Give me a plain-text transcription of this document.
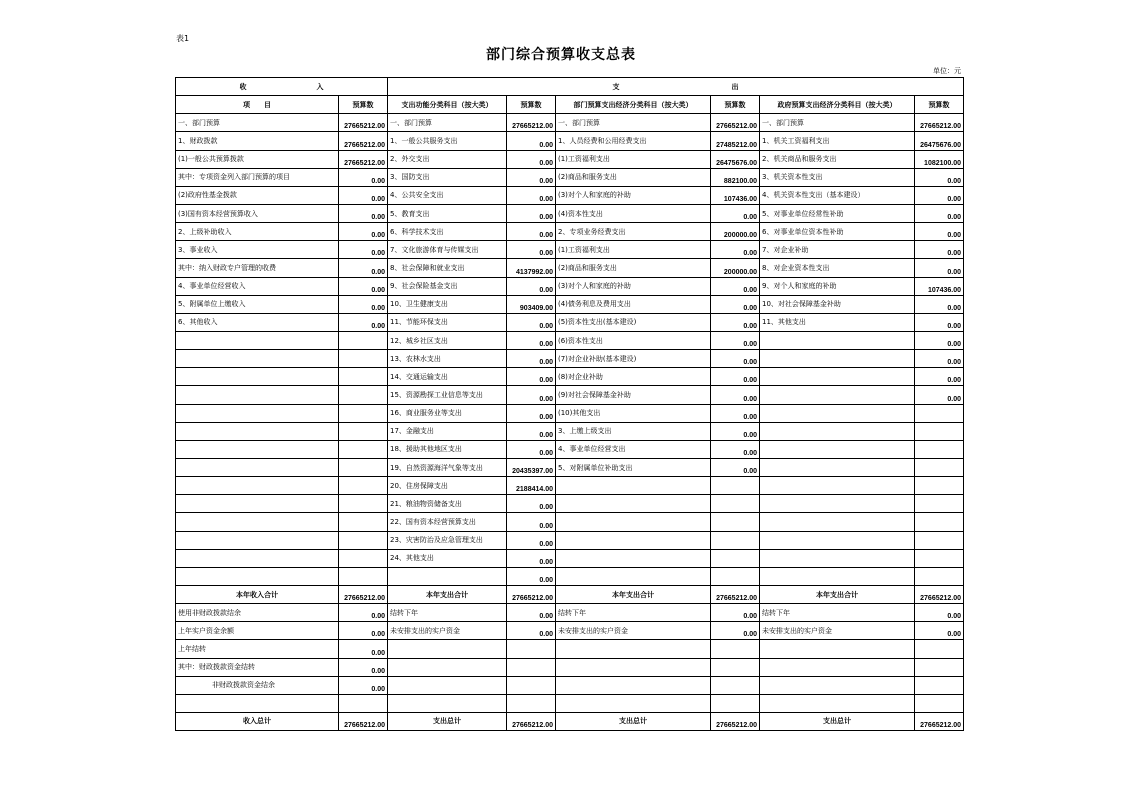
表1
部门综合预算收支总表
单位：元
收　　　　　　　　　　入		支　　　　　　　　　　　　　　　　出					
项　　目	预算数	支出功能分类科目（按大类）	预算数	部门预算支出经济分类科目（按大类）	预算数	政府预算支出经济分类科目（按大类）	预算数
一、部门预算	27665212.00	一、部门预算	27665212.00	一、部门预算	27665212.00	一、部门预算	27665212.00
1、财政拨款	27665212.00	1、一般公共服务支出	0.00	1、人员经费和公用经费支出	27485212.00	1、机关工资福利支出	26475676.00
(1)一般公共预算拨款	27665212.00	2、外交支出	0.00	(1)工资福利支出	26475676.00	2、机关商品和服务支出	1082100.00
其中：专项资金列入部门预算的项目	0.00	3、国防支出	0.00	(2)商品和服务支出	882100.00	3、机关资本性支出	0.00
(2)政府性基金拨款	0.00	4、公共安全支出	0.00	(3)对个人和家庭的补助	107436.00	4、机关资本性支出（基本建设）	0.00
(3)国有资本经营预算收入	0.00	5、教育支出	0.00	(4)资本性支出	0.00	5、对事业单位经常性补助	0.00
2、上级补助收入	0.00	6、科学技术支出	0.00	2、专项业务经费支出	200000.00	6、对事业单位资本性补助	0.00
3、事业收入	0.00	7、文化旅游体育与传媒支出	0.00	(1)工资福利支出	0.00	7、对企业补助	0.00
其中：纳入财政专户管理的收费	0.00	8、社会保障和就业支出	4137992.00	(2)商品和服务支出	200000.00	8、对企业资本性支出	0.00
4、事业单位经营收入	0.00	9、社会保险基金支出	0.00	(3)对个人和家庭的补助	0.00	9、对个人和家庭的补助	107436.00
5、附属单位上缴收入	0.00	10、卫生健康支出	903409.00	(4)债务利息及费用支出	0.00	10、对社会保障基金补助	0.00
6、其他收入	0.00	11、节能环保支出	0.00	(5)资本性支出(基本建设)	0.00	11、其他支出	0.00
		12、城乡社区支出	0.00	(6)资本性支出	0.00		0.00
		13、农林水支出	0.00	(7)对企业补助(基本建设)	0.00		0.00
		14、交通运输支出	0.00	(8)对企业补助	0.00		0.00
		15、资源勘探工业信息等支出	0.00	(9)对社会保障基金补助	0.00		0.00
		16、商业服务业等支出	0.00	(10)其他支出	0.00		
		17、金融支出	0.00	3、上缴上级支出	0.00		
		18、援助其他地区支出	0.00	4、事业单位经营支出	0.00		
		19、自然资源海洋气象等支出	20435397.00	5、对附属单位补助支出	0.00		
		20、住房保障支出	2188414.00				
		21、粮油物资储备支出	0.00				
		22、国有资本经营预算支出	0.00				
		23、灾害防治及应急管理支出	0.00				
		24、其他支出	0.00				
			0.00				
本年收入合计	27665212.00	本年支出合计	27665212.00	本年支出合计	27665212.00	本年支出合计	27665212.00
使用非财政拨款结余	0.00	结转下年	0.00	结转下年	0.00	结转下年	0.00
上年实户资金余额	0.00	未安排支出的实户资金	0.00	未安排支出的实户资金	0.00	未安排支出的实户资金	0.00
上年结转	0.00						
其中：财政拨款资金结转	0.00						
非财政拨款资金结余	0.00						

收入总计	27665212.00	支出总计	27665212.00	支出总计	27665212.00	支出总计	27665212.00
